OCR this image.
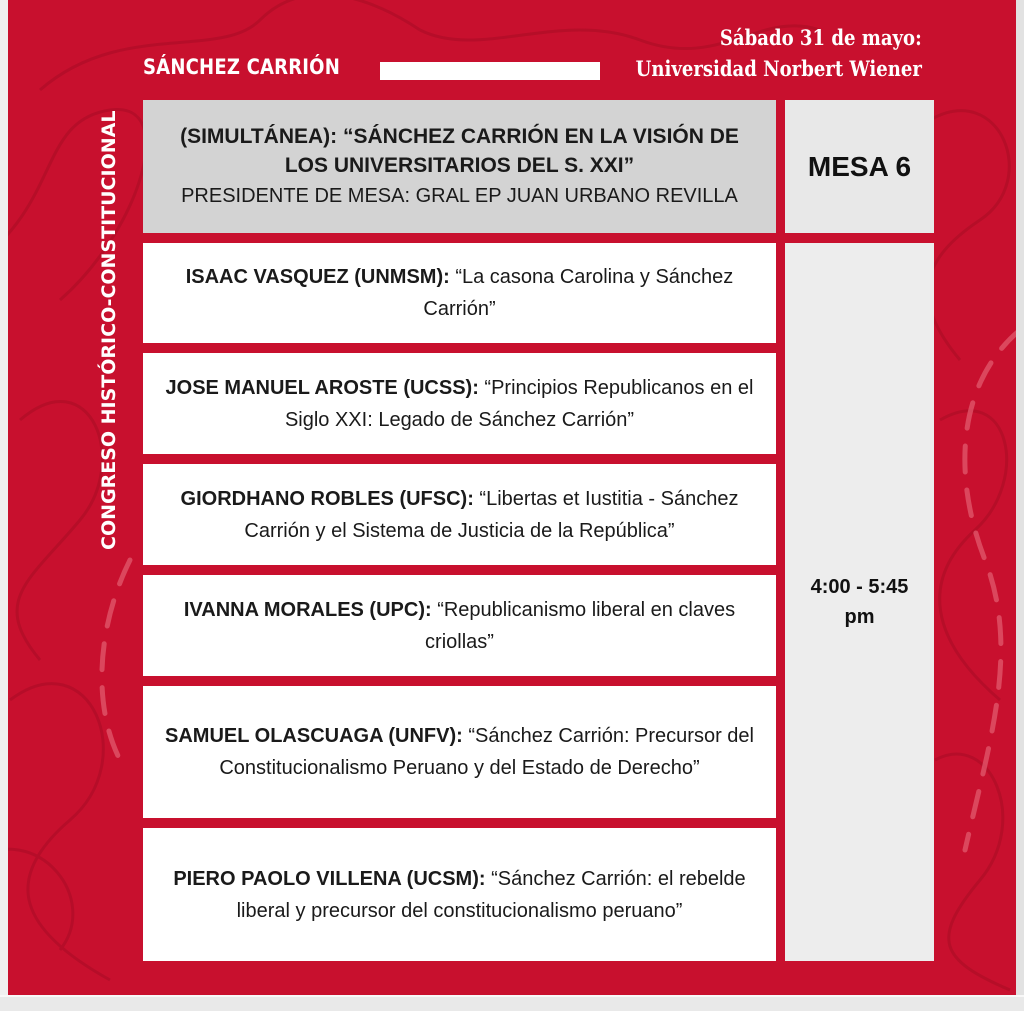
SÁNCHEZ CARRIÓN
Sábado 31 de mayo:
Universidad Norbert Wiener
CONGRESO HISTÓRICO-CONSTITUCIONAL	(SIMULTÁNEA): “SÁNCHEZ CARRIÓN EN LA VISIÓN DE
LOS UNIVERSITARIOS DEL S. XXI”
PRESIDENTE DE MESA: GRAL EP JUAN URBANO REVILLA
MESA 6
4:00 - 5:45
pm
ISAAC VASQUEZ (UNMSM): “La casona Carolina y Sánchez Carrión”
JOSE MANUEL AROSTE (UCSS): “Principios Republicanos en el Siglo XXI: Legado de Sánchez Carrión”
GIORDHANO ROBLES (UFSC): “Libertas et Iustitia - Sánchez Carrión y el Sistema de Justicia de la República”
IVANNA MORALES (UPC): “Republicanismo liberal en claves criollas”
SAMUEL OLASCUAGA (UNFV): “Sánchez Carrión: Precursor del Constitucionalismo Peruano y del Estado de Derecho”
PIERO PAOLO VILLENA (UCSM): “Sánchez Carrión: el rebelde liberal y precursor del constitucionalismo peruano”
